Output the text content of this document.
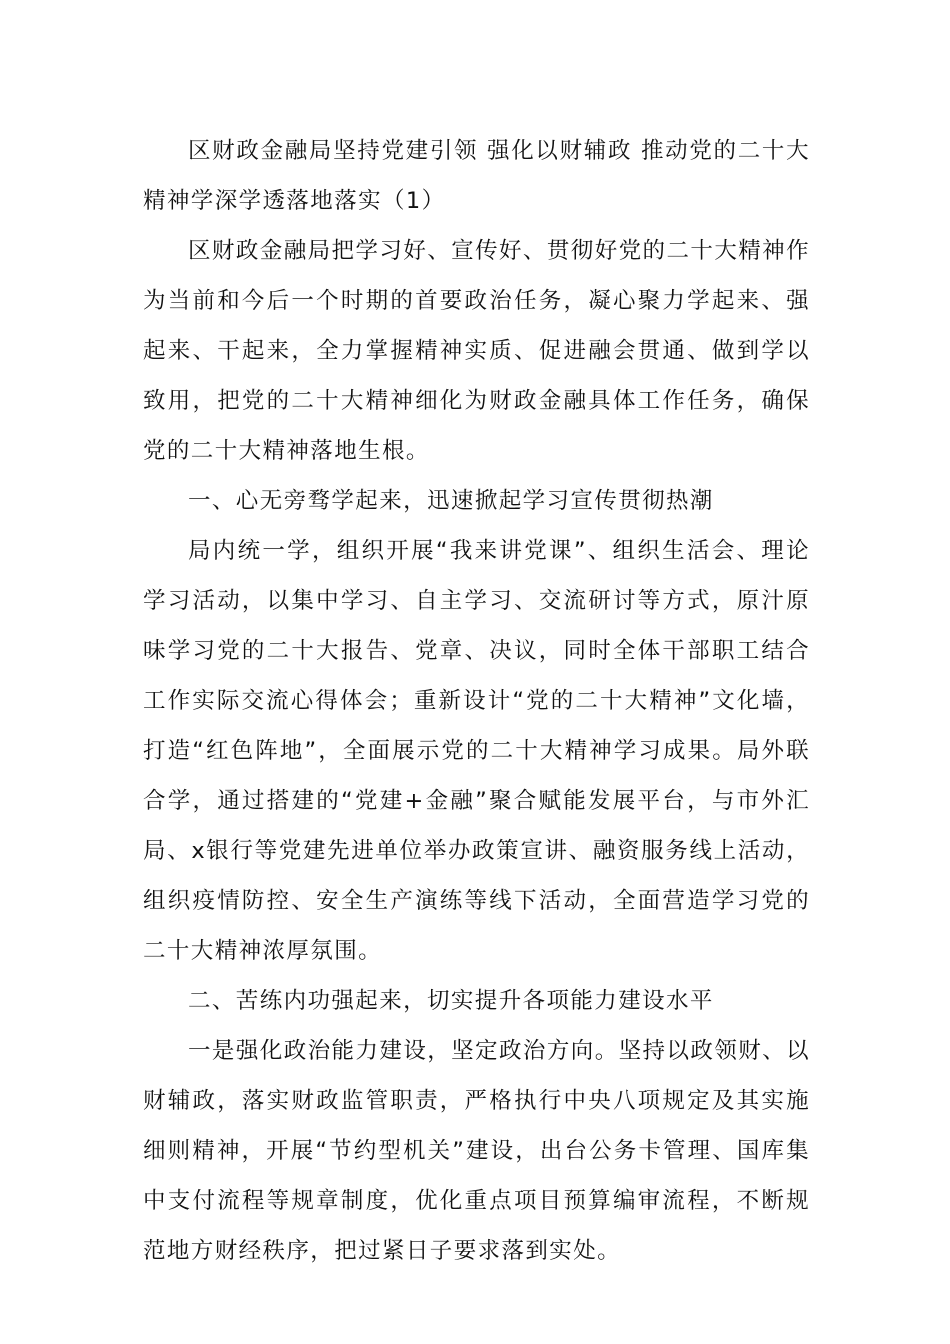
区财政金融局坚持党建引领 强化以财辅政 推动党的二十大精神学深学透落地落实（1）

区财政金融局把学习好、宣传好、贯彻好党的二十大精神作为当前和今后一个时期的首要政治任务，凝心聚力学起来、强起来、干起来，全力掌握精神实质、促进融会贯通、做到学以致用，把党的二十大精神细化为财政金融具体工作任务，确保党的二十大精神落地生根。

一、心无旁骛学起来，迅速掀起学习宣传贯彻热潮

局内统一学，组织开展“我来讲党课”、组织生活会、理论学习活动，以集中学习、自主学习、交流研讨等方式，原汁原味学习党的二十大报告、党章、决议，同时全体干部职工结合工作实际交流心得体会；重新设计“党的二十大精神”文化墙，打造“红色阵地”，全面展示党的二十大精神学习成果。局外联合学，通过搭建的“党建+金融”聚合赋能发展平台，与市外汇局、x银行等党建先进单位举办政策宣讲、融资服务线上活动，组织疫情防控、安全生产演练等线下活动，全面营造学习党的二十大精神浓厚氛围。

二、苦练内功强起来，切实提升各项能力建设水平

一是强化政治能力建设，坚定政治方向。坚持以政领财、以财辅政，落实财政监管职责，严格执行中央八项规定及其实施细则精神，开展“节约型机关”建设，出台公务卡管理、国库集中支付流程等规章制度，优化重点项目预算编审流程，不断规范地方财经秩序，把过紧日子要求落到实处。
